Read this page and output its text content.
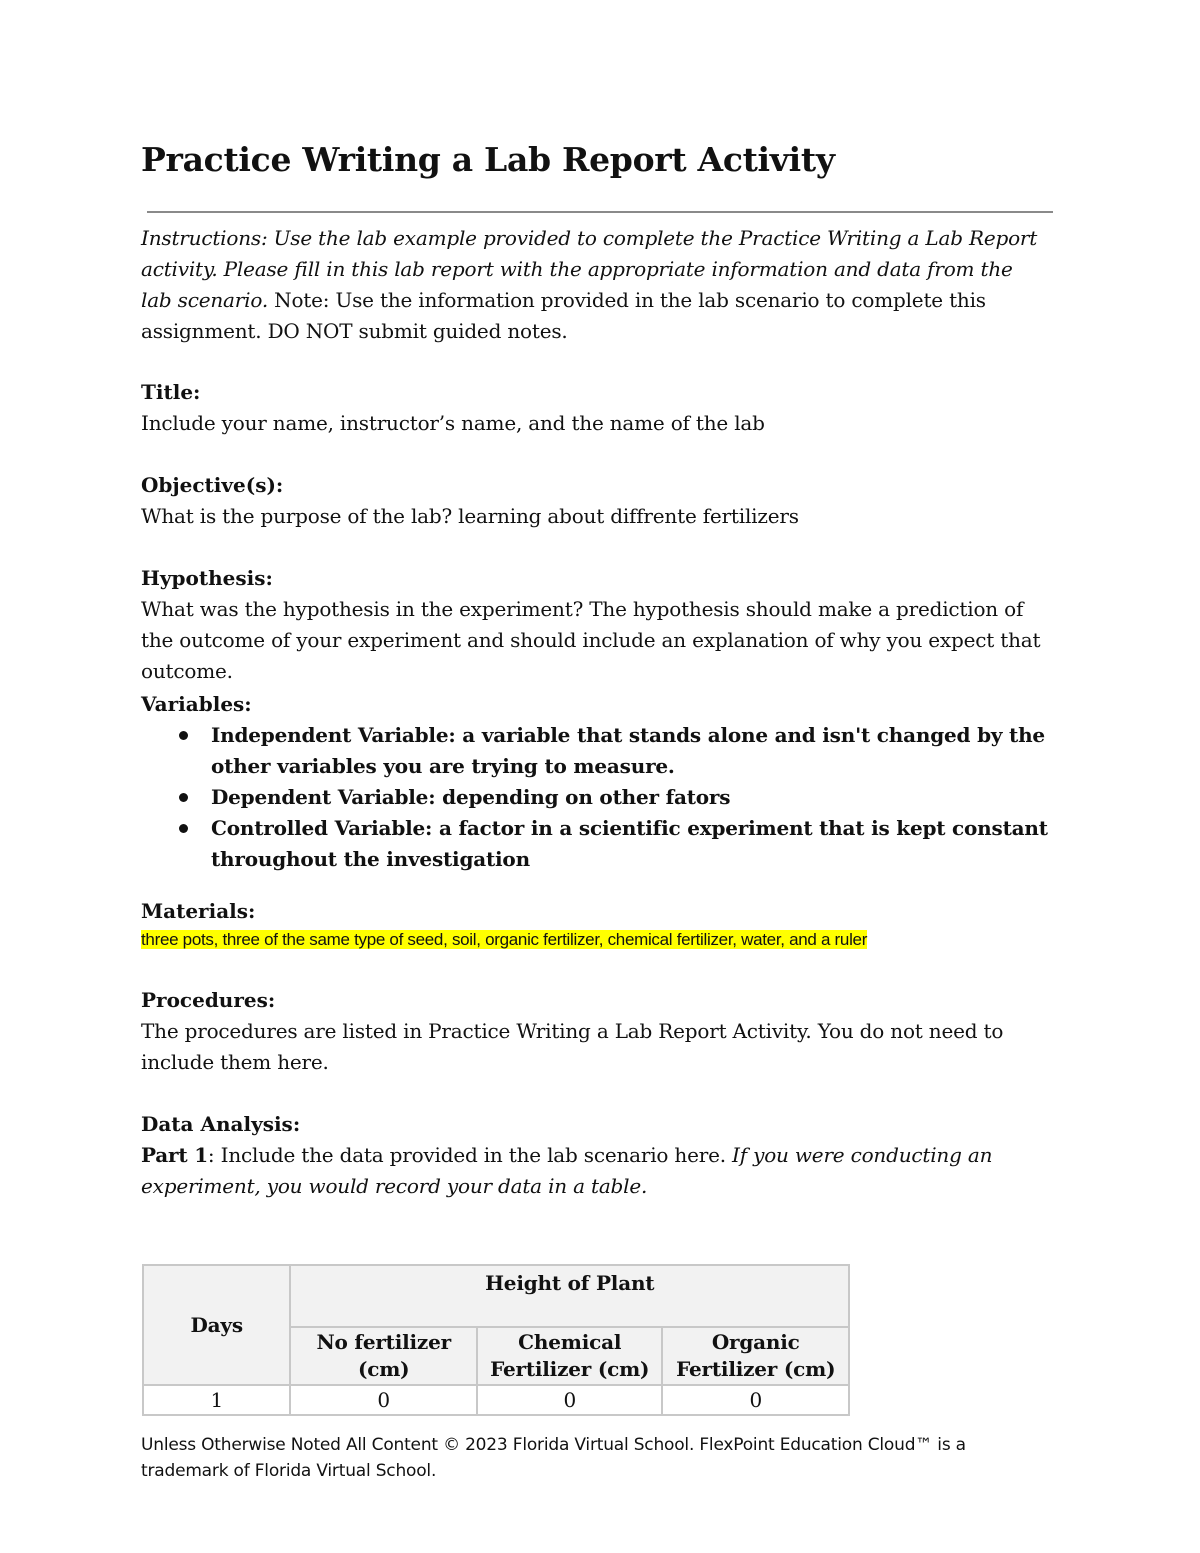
Practice Writing a Lab Report Activity
Instructions: Use the lab example provided to complete the Practice Writing a Lab Report activity. Please fill in this lab report with the appropriate information and data from the lab scenario. Note: Use the information provided in the lab scenario to complete this assignment. DO NOT submit guided notes.
Title:
Include your name, instructor’s name, and the name of the lab
Objective(s):
What is the purpose of the lab? learning about diffrente fertilizers
Hypothesis:
What was the hypothesis in the experiment? The hypothesis should make a prediction of the outcome of your experiment and should include an explanation of why you expect that outcome.
Variables:
Independent Variable: a variable that stands alone and isn't changed by the other variables you are trying to measure.
Dependent Variable: depending on other fators
Controlled Variable: a factor in a scientific experiment that is kept constant throughout the investigation
Materials:
three pots, three of the same type of seed, soil, organic fertilizer, chemical fertilizer, water, and a ruler
Procedures:
The procedures are listed in Practice Writing a Lab Report Activity. You do not need to include them here.
Data Analysis:
Part 1: Include the data provided in the lab scenario here. If you were conducting an experiment, you would record your data in a table.
Days	Height of Plant		
	No fertilizer (cm)	Chemical Fertilizer (cm)	Organic Fertilizer (cm)
1	0	0	0
Unless Otherwise Noted All Content © 2023 Florida Virtual School. FlexPoint Education Cloud™ is a trademark of Florida Virtual School.
